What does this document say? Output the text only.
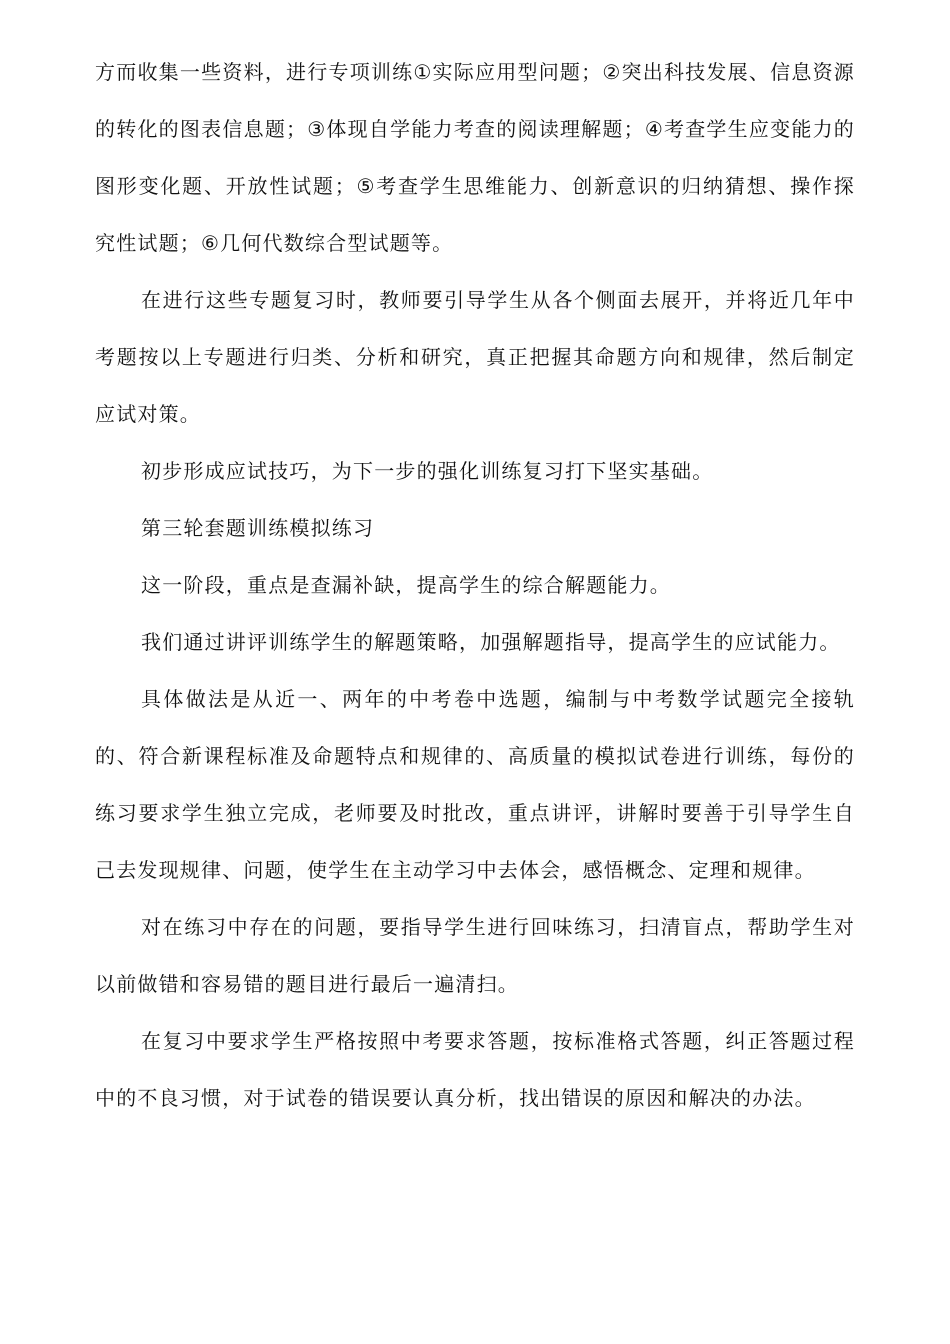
方而收集一些资料，进行专项训练①实际应用型问题；②突出科技发展、信息资源的转化的图表信息题；③体现自学能力考查的阅读理解题；④考查学生应变能力的图形变化题、开放性试题；⑤考查学生思维能力、创新意识的归纳猜想、操作探究性试题；⑥几何代数综合型试题等。

在进行这些专题复习时，教师要引导学生从各个侧面去展开，并将近几年中考题按以上专题进行归类、分析和研究，真正把握其命题方向和规律，然后制定应试对策。

初步形成应试技巧，为下一步的强化训练复习打下坚实基础。

第三轮套题训练模拟练习

这一阶段，重点是查漏补缺，提高学生的综合解题能力。

我们通过讲评训练学生的解题策略，加强解题指导，提高学生的应试能力。

具体做法是从近一、两年的中考卷中选题，编制与中考数学试题完全接轨的、符合新课程标准及命题特点和规律的、高质量的模拟试卷进行训练，每份的练习要求学生独立完成，老师要及时批改，重点讲评，讲解时要善于引导学生自己去发现规律、问题，使学生在主动学习中去体会，感悟概念、定理和规律。

对在练习中存在的问题，要指导学生进行回味练习，扫清盲点，帮助学生对以前做错和容易错的题目进行最后一遍清扫。

在复习中要求学生严格按照中考要求答题，按标准格式答题，纠正答题过程中的不良习惯，对于试卷的错误要认真分析，找出错误的原因和解决的办法。
